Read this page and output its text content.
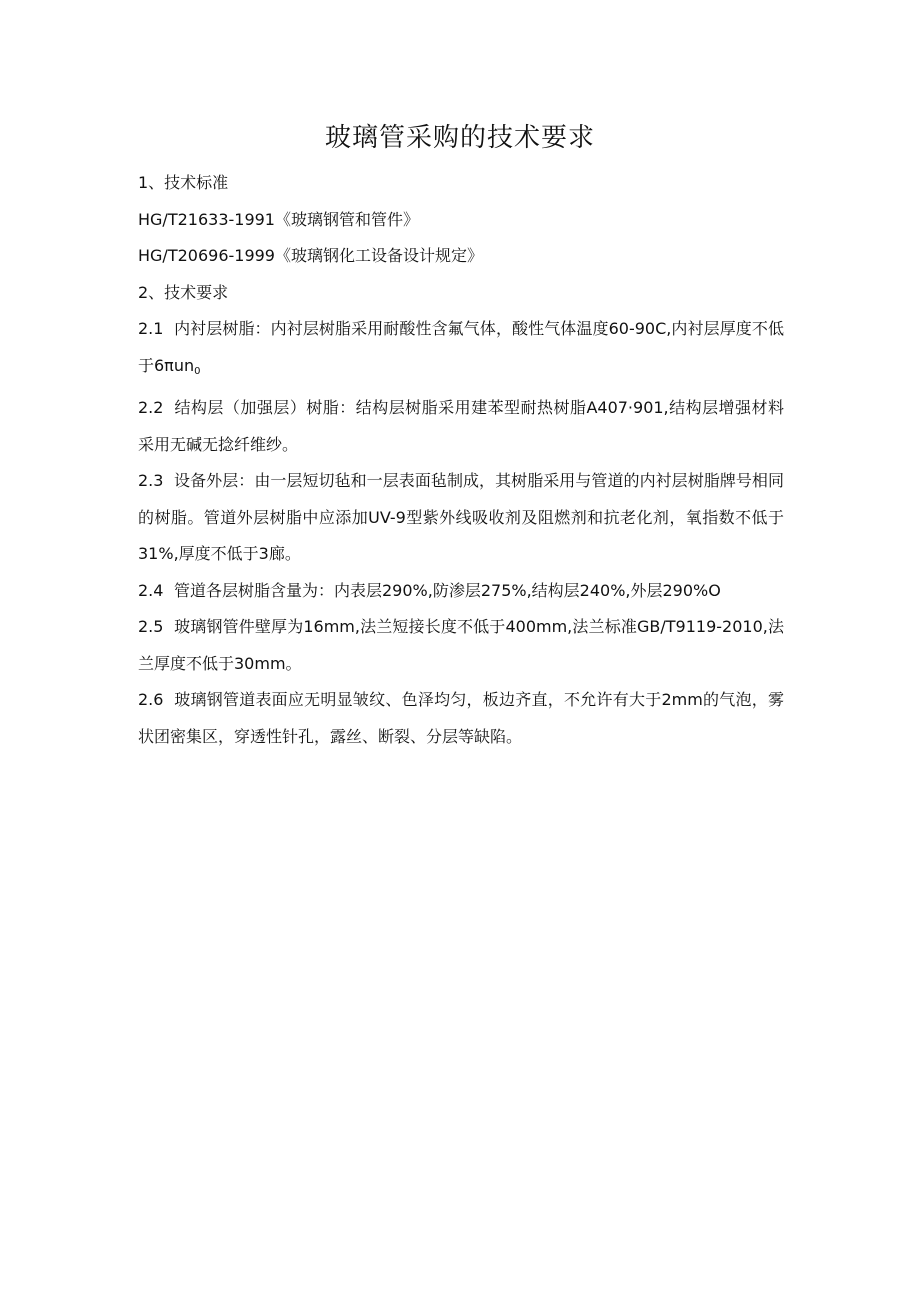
玻璃管采购的技术要求

1、技术标准

HG/T21633-1991《玻璃钢管和管件》

HG/T20696-1999《玻璃钢化工设备设计规定》

2、技术要求

2.1 内衬层树脂：内衬层树脂采用耐酸性含氟气体，酸性气体温度60-90C,内衬层厚度不低于6πun$_0$

2.2 结构层（加强层）树脂：结构层树脂采用建苯型耐热树脂A407·901,结构层增强材料采用无碱无捻纤维纱。

2.3 设备外层：由一层短切毡和一层表面毡制成，其树脂采用与管道的内衬层树脂牌号相同的树脂。管道外层树脂中应添加UV-9型紫外线吸收剂及阻燃剂和抗老化剂，氧指数不低于31%,厚度不低于3廊。

2.4 管道各层树脂含量为：内表层290%,防渗层275%,结构层240%,外层290%O

2.5 玻璃钢管件壁厚为16mm,法兰短接长度不低于400mm,法兰标准GB/T9119-2010,法兰厚度不低于30mm。

2.6 玻璃钢管道表面应无明显皱纹、色泽均匀，板边齐直，不允许有大于2mm的气泡，雾状团密集区，穿透性针孔，露丝、断裂、分层等缺陷。
